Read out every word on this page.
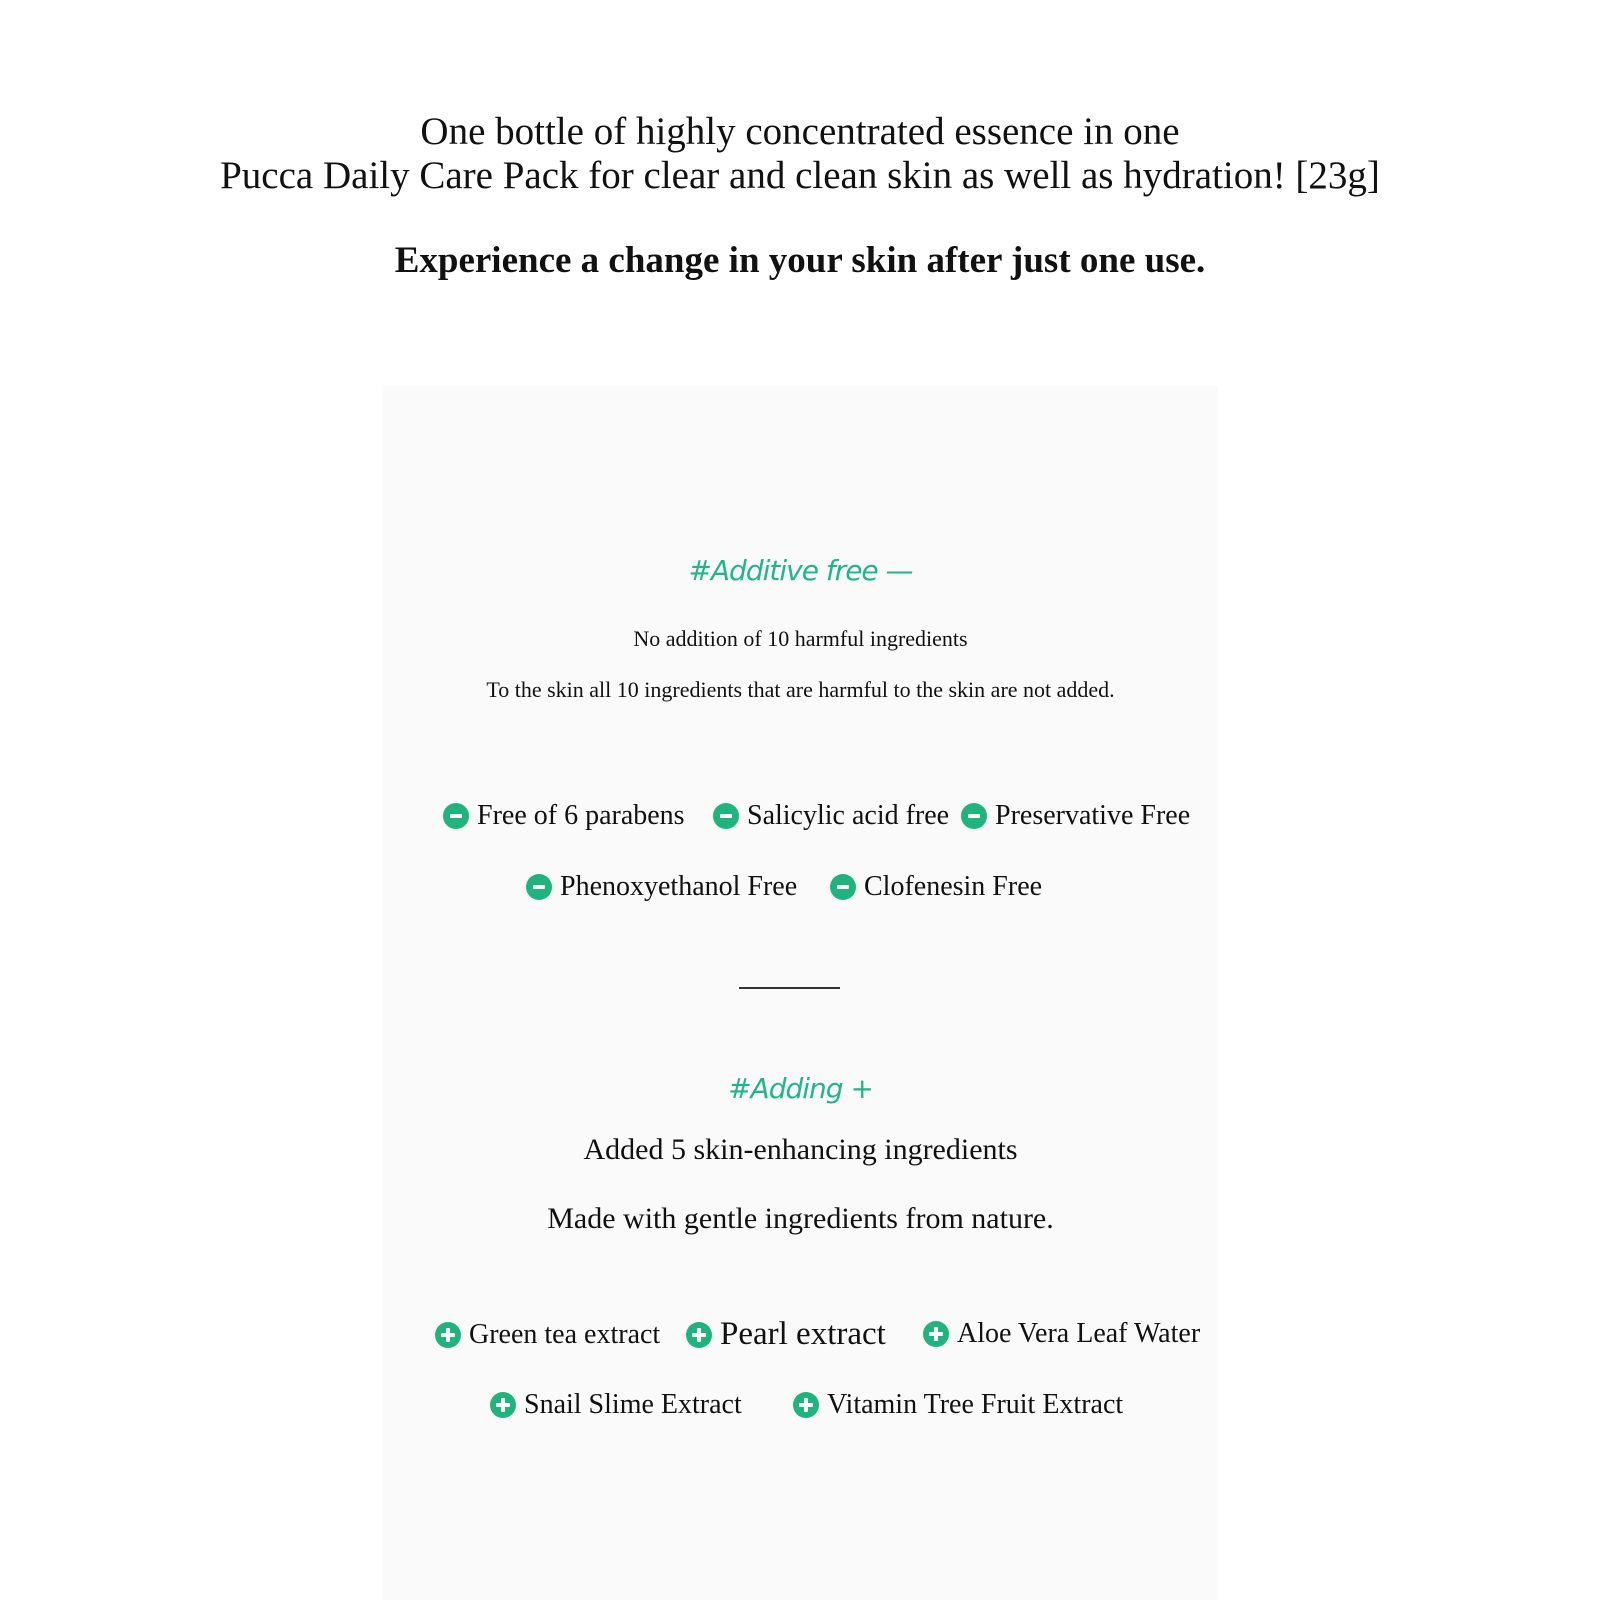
One bottle of highly concentrated essence in one
Pucca Daily Care Pack for clear and clean skin as well as hydration! [23g]
Experience a change in your skin after just one use.
#Additive free —
No addition of 10 harmful ingredients
To the skin all 10 ingredients that are harmful to the skin are not added.
Free of 6 parabens Salicylic acid free Preservative Free
Phenoxyethanol Free Clofenesin Free
#Adding +
Added 5 skin-enhancing ingredients
Made with gentle ingredients from nature.
Green tea extract Pearl extract	Aloe Vera Leaf Water
Snail Slime Extract	Vitamin Tree Fruit Extract
